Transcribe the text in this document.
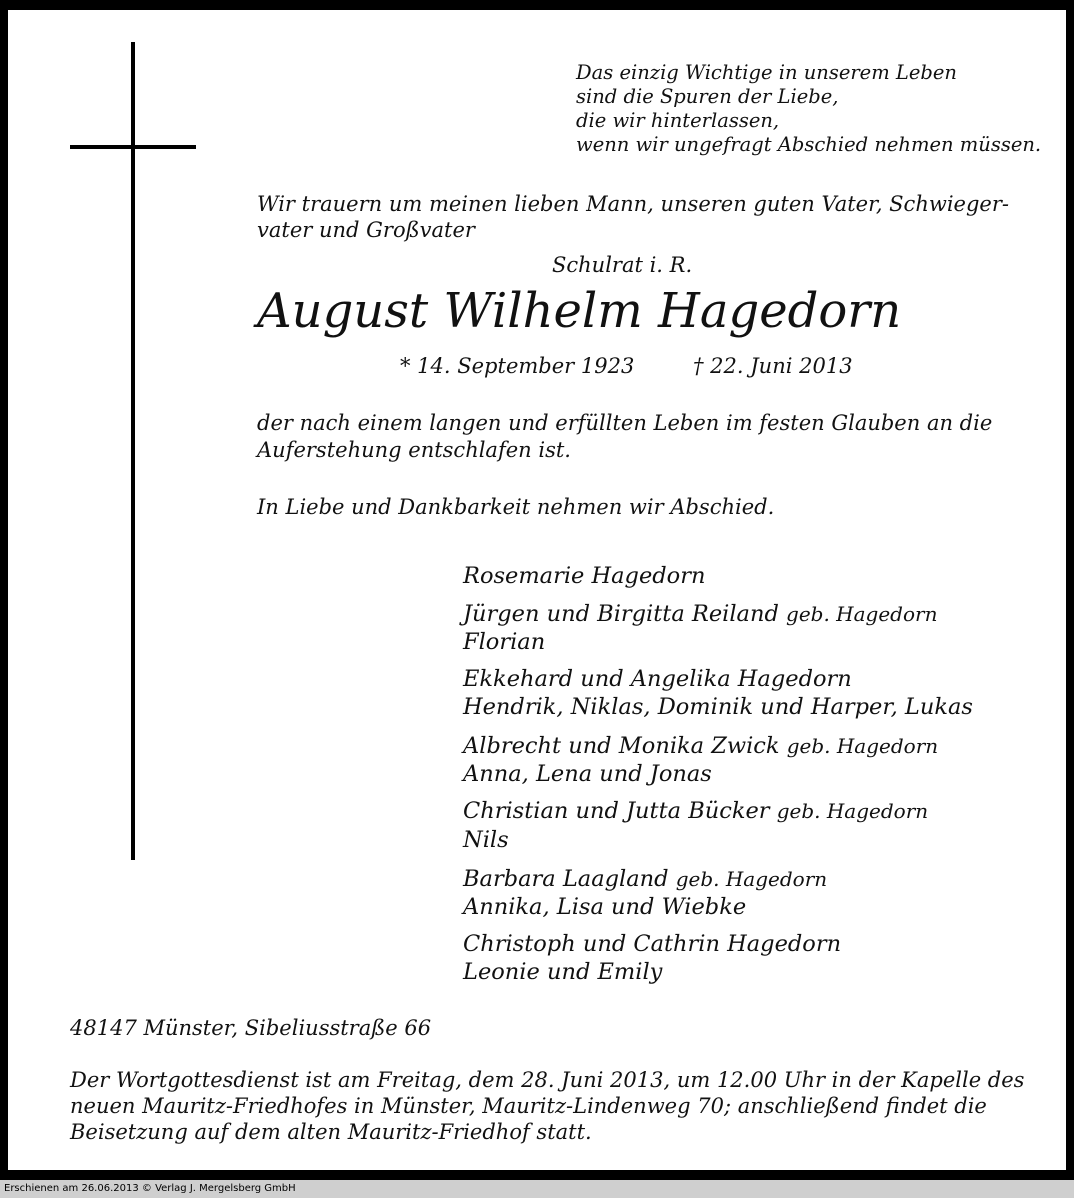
Das einzig Wichtige in unserem Leben
sind die Spuren der Liebe,
die wir hinterlassen,
wenn wir ungefragt Abschied nehmen müssen.
Wir trauern um meinen lieben Mann, unseren guten Vater, Schwieger-
vater und Großvater
Schulrat i. R.
August Wilhelm Hagedorn
* 14. September 1923	† 22. Juni 2013
der nach einem langen und erfüllten Leben im festen Glauben an die
Auferstehung entschlafen ist.
In Liebe und Dankbarkeit nehmen wir Abschied.
Rosemarie Hagedorn
Jürgen und Birgitta Reiland geb. Hagedorn
Florian
Ekkehard und Angelika Hagedorn
Hendrik, Niklas, Dominik und Harper, Lukas
Albrecht und Monika Zwick geb. Hagedorn
Anna, Lena und Jonas
Christian und Jutta Bücker geb. Hagedorn
Nils
Barbara Laagland geb. Hagedorn
Annika, Lisa und Wiebke
Christoph und Cathrin Hagedorn
Leonie und Emily
48147 Münster, Sibeliusstraße 66
Der Wortgottesdienst ist am Freitag, dem 28. Juni 2013, um 12.00 Uhr in der Kapelle des
neuen Mauritz-Friedhofes in Münster, Mauritz-Lindenweg 70; anschließend findet die
Beisetzung auf dem alten Mauritz-Friedhof statt.
Erschienen am 26.06.2013 © Verlag J. Mergelsberg GmbH
